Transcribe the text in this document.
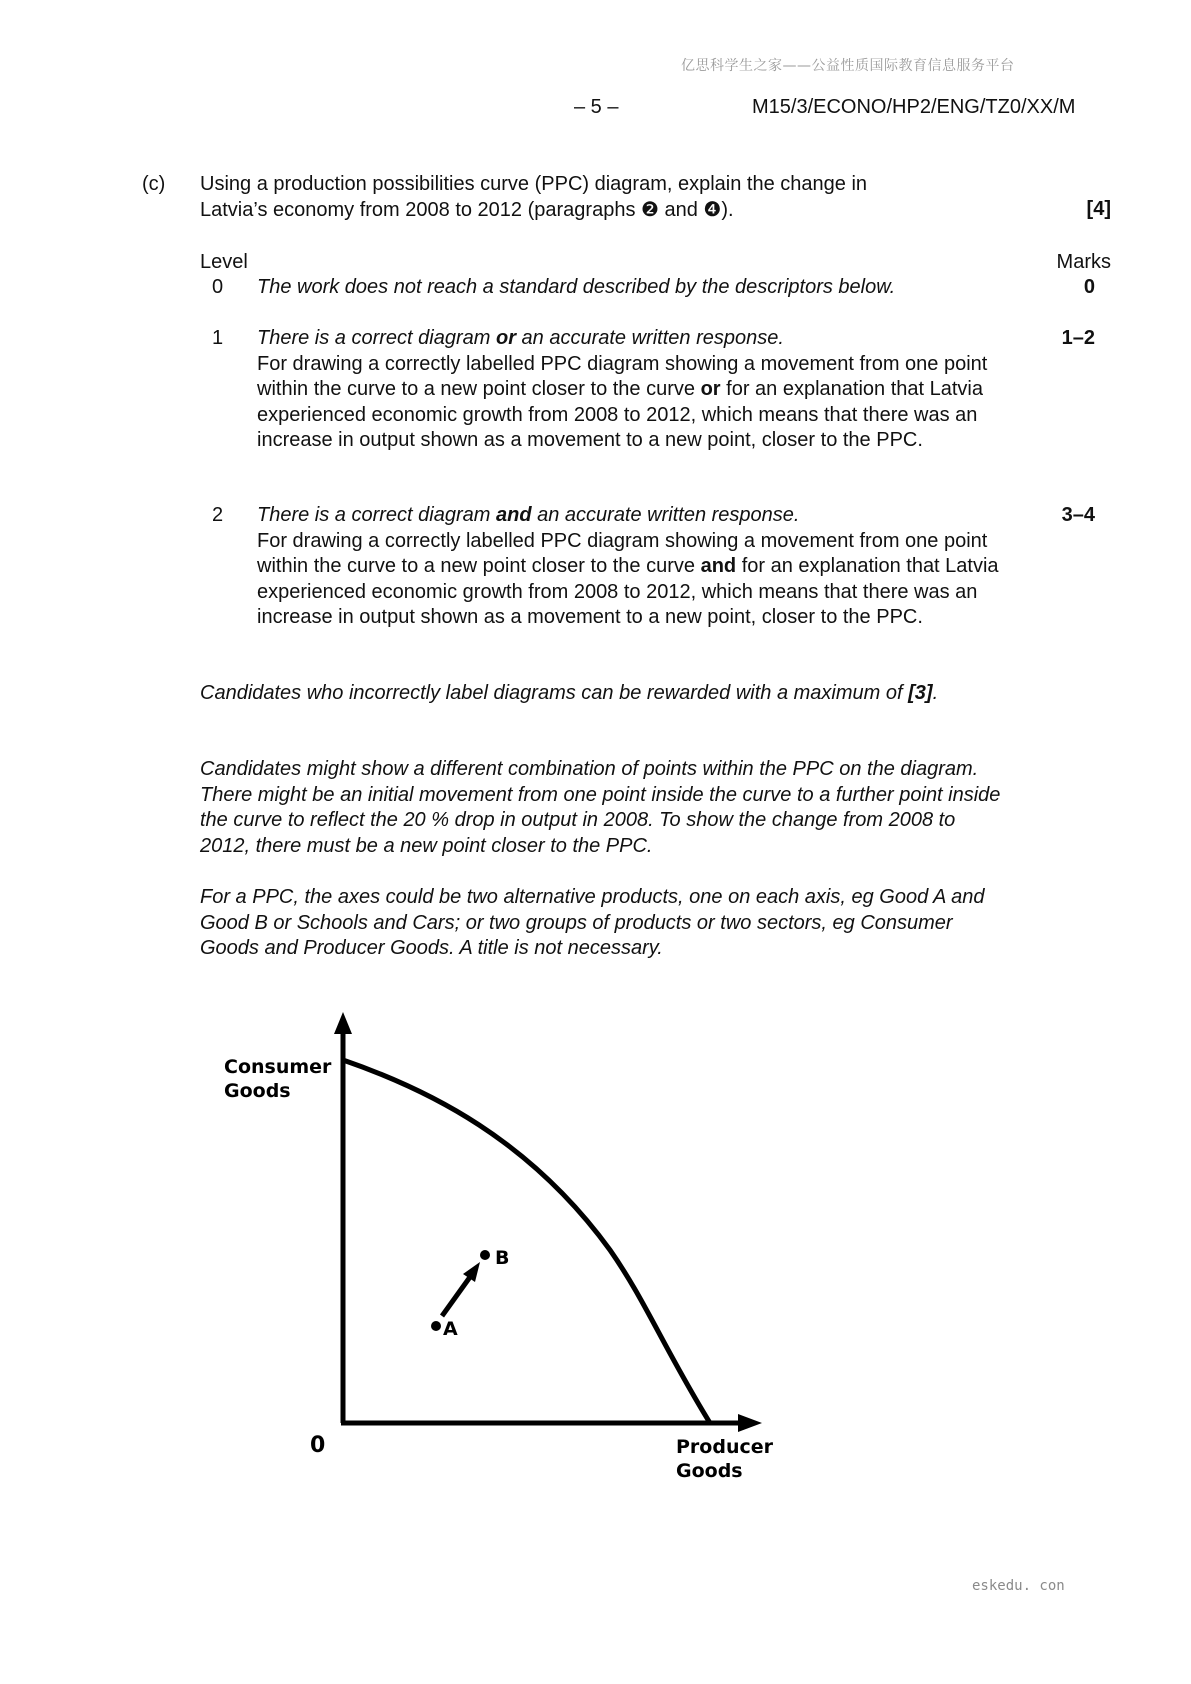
亿思科学生之家——公益性质国际教育信息服务平台
– 5 –	M15/3/ECONO/HP2/ENG/TZ0/XX/M
(c) Using a production possibilities curve (PPC) diagram, explain the change in
Latvia’s economy from 2008 to 2012 (paragraphs ❷ and ❹).	[4]
Level	Marks
0 The work does not reach a standard described by the descriptors below.	0
1 There is a correct diagram or an accurate written response.
For drawing a correctly labelled PPC diagram showing a movement from one point within the curve to a new point closer to the curve or for an explanation that Latvia experienced economic growth from 2008 to 2012, which means that there was an increase in output shown as a movement to a new point, closer to the PPC.
1–2
2 There is a correct diagram and an accurate written response.
For drawing a correctly labelled PPC diagram showing a movement from one point within the curve to a new point closer to the curve and for an explanation that Latvia experienced economic growth from 2008 to 2012, which means that there was an increase in output shown as a movement to a new point, closer to the PPC.
3–4
Candidates who incorrectly label diagrams can be rewarded with a maximum of [3].
Candidates might show a different combination of points within the PPC on the diagram. There might be an initial movement from one point inside the curve to a further point inside the curve to reflect the 20 % drop in output in 2008. To show the change from 2008 to 2012, there must be a new point closer to the PPC.
For a PPC, the axes could be two alternative products, one on each axis, eg Good A and Good B or Schools and Cars; or two groups of products or two sectors, eg Consumer Goods and Producer Goods. A title is not necessary.
Consumer
Goods
Producer
Goods
0
A
B
eskedu. con
